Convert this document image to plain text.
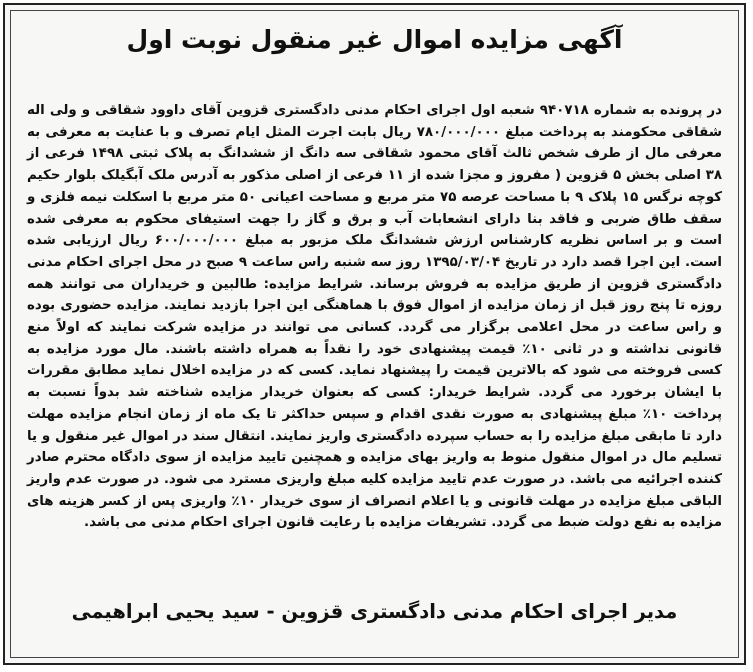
آگهی مزایده اموال غیر منقول نوبت اول
در پرونده به شماره ۹۴۰۷۱۸ شعبه اول اجرای احکام مدنی دادگستری قزوین آقای داوود شقاقی و ولی اله شقاقی محکومند به پرداخت مبلغ ۷۸۰/۰۰۰/۰۰۰ ریال بابت اجرت المثل ایام تصرف و با عنایت به معرفی به معرفی مال از طرف شخص ثالث آقای محمود شقاقی سه دانگ از ششدانگ به پلاک ثبتی ۱۴۹۸ فرعی از ۳۸ اصلی بخش ۵ قزوین ( مفروز و مجزا شده از ۱۱ فرعی از اصلی مذکور به آدرس ملک آبگیلک بلوار حکیم کوچه نرگس ۱۵ پلاک ۹ با مساحت عرصه ۷۵ متر مربع و مساحت اعیانی ۵۰ متر مربع با اسکلت نیمه فلزی و سقف طاق ضربی و فاقد بنا دارای انشعابات آب و برق و گاز را جهت استیفای محکوم به معرفی شده است و بر اساس نظریه کارشناس ارزش ششدانگ ملک مزبور به مبلغ ۶۰۰/۰۰۰/۰۰۰ ریال ارزیابی شده است. این اجرا قصد دارد در تاریخ ۱۳۹۵/۰۳/۰۴ روز سه شنبه راس ساعت ۹ صبح در محل اجرای احکام مدنی دادگستری قزوین از طریق مزایده به فروش برساند. شرایط مزایده: طالبین و خریداران می توانند همه روزه تا پنج روز قبل از زمان مزایده از اموال فوق با هماهنگی این اجرا بازدید نمایند. مزایده حضوری بوده و راس ساعت در محل اعلامی برگزار می گردد. کسانی می توانند در مزایده شرکت نمایند که اولاً منع قانونی نداشته و در ثانی ۱۰٪ قیمت پیشنهادی خود را نقداً به همراه داشته باشند. مال مورد مزایده به کسی فروخته می شود که بالاترین قیمت را پیشنهاد نماید. کسی که در مزایده اخلال نماید مطابق مقررات با ایشان برخورد می گردد. شرایط خریدار: کسی که بعنوان خریدار مزایده شناخته شد بدواً نسبت به پرداخت ۱۰٪ مبلغ پیشنهادی به صورت نقدی اقدام و سپس حداکثر تا یک ماه از زمان انجام مزایده مهلت دارد تا مابقی مبلغ مزایده را به حساب سپرده دادگستری واریز نمایند. انتقال سند در اموال غیر منقول و یا تسلیم مال در اموال منقول منوط به واریز بهای مزایده و همچنین تایید مزایده از سوی دادگاه محترم صادر کننده اجرائیه می باشد. در صورت عدم تایید مزایده کلیه مبلغ واریزی مسترد می شود. در صورت عدم واریز الباقی مبلغ مزایده در مهلت قانونی و یا اعلام انصراف از سوی خریدار ۱۰٪ واریزی پس از کسر هزینه های مزایده به نفع دولت ضبط می گردد. تشریفات مزایده با رعایت قانون اجرای احکام مدنی می باشد.
مدیر اجرای احکام مدنی دادگستری قزوین - سید یحیی ابراهیمی
